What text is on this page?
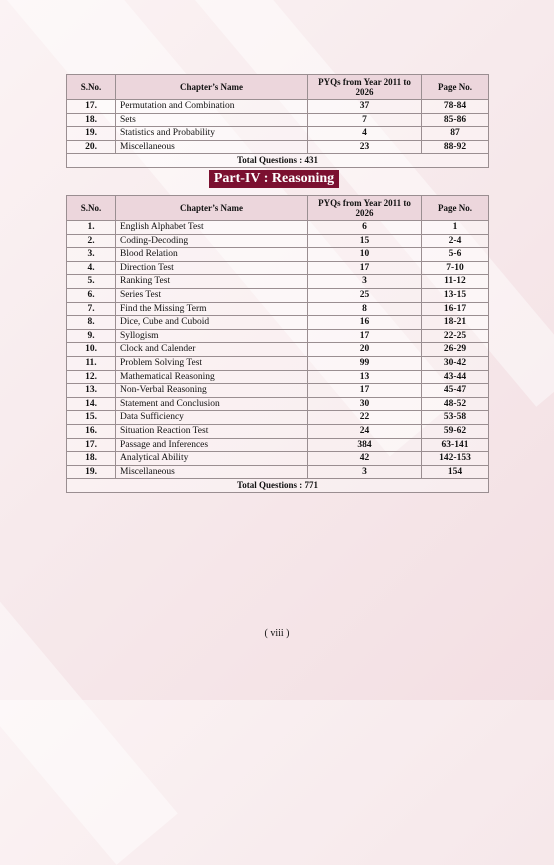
S.No.	Chapter’s Name	PYQs from Year 2011 to 2026	Page No.
17.	Permutation and Combination	37	78-84
18.	Sets	7	85-86
19.	Statistics and Probability	4	87
20.	Miscellaneous	23	88-92
Total Questions : 431			
Part-IV : Reasoning
S.No.	Chapter’s Name	PYQs from Year 2011 to 2026	Page No.
1.	English Alphabet Test	6	1
2.	Coding-Decoding	15	2-4
3.	Blood Relation	10	5-6
4.	Direction Test	17	7-10
5.	Ranking Test	3	11-12
6.	Series Test	25	13-15
7.	Find the Missing Term	8	16-17
8.	Dice, Cube and Cuboid	16	18-21
9.	Syllogism	17	22-25
10.	Clock and Calender	20	26-29
11.	Problem Solving Test	99	30-42
12.	Mathematical Reasoning	13	43-44
13.	Non-Verbal Reasoning	17	45-47
14.	Statement and Conclusion	30	48-52
15.	Data Sufficiency	22	53-58
16.	Situation Reaction Test	24	59-62
17.	Passage and Inferences	384	63-141
18.	Analytical Ability	42	142-153
19.	Miscellaneous	3	154
Total Questions : 771			
( viii )
